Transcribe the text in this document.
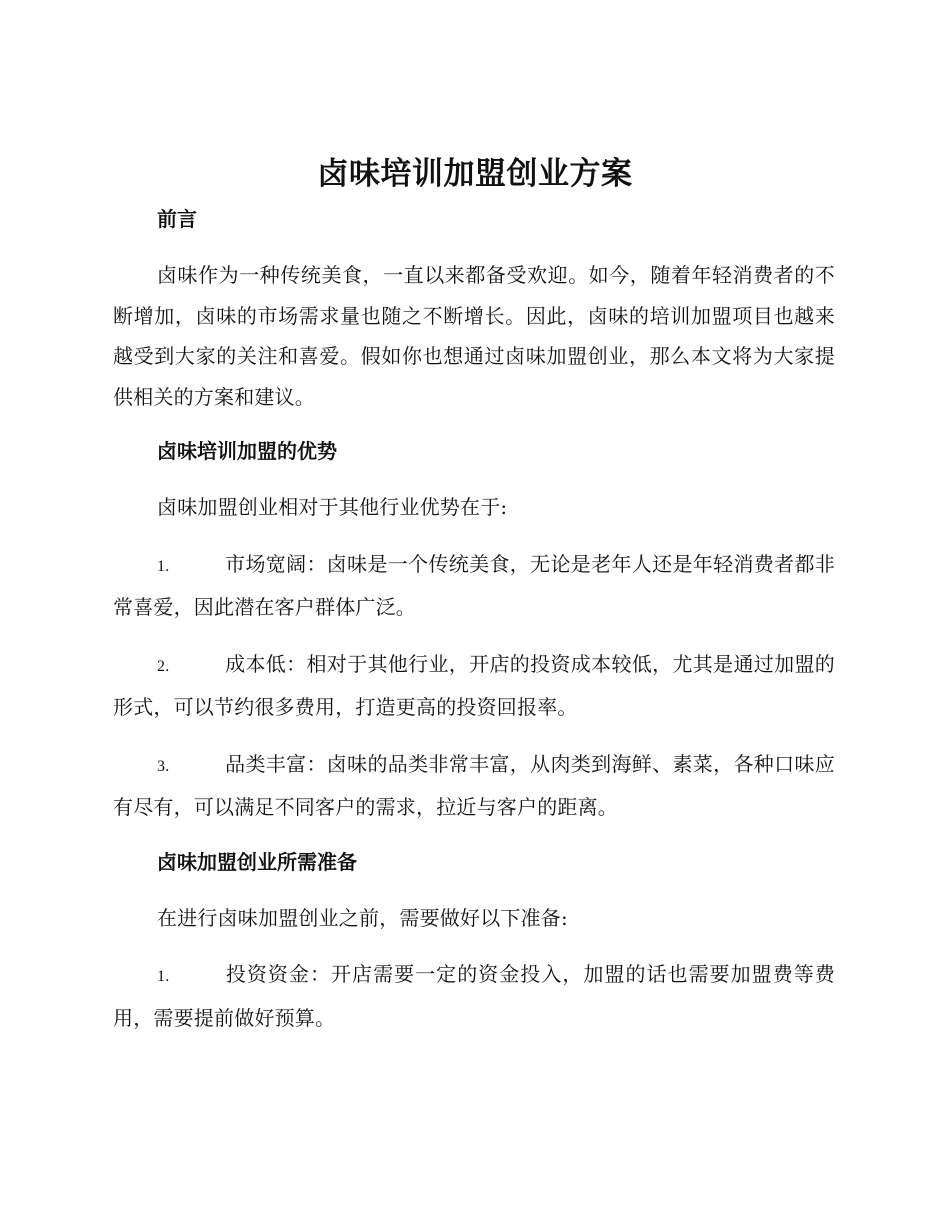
卤味培训加盟创业方案

前言

卤味作为一种传统美食，一直以来都备受欢迎。如今，随着年轻消费者的不断增加，卤味的市场需求量也随之不断增长。因此，卤味的培训加盟项目也越来越受到大家的关注和喜爱。假如你也想通过卤味加盟创业，那么本文将为大家提供相关的方案和建议。

卤味培训加盟的优势

卤味加盟创业相对于其他行业优势在于:

1.	市场宽阔：卤味是一个传统美食，无论是老年人还是年轻消费者都非常喜爱，因此潜在客户群体广泛。

2.	成本低：相对于其他行业，开店的投资成本较低，尤其是通过加盟的形式，可以节约很多费用，打造更高的投资回报率。

3.	品类丰富：卤味的品类非常丰富，从肉类到海鲜、素菜，各种口味应有尽有，可以满足不同客户的需求，拉近与客户的距离。

卤味加盟创业所需准备

在进行卤味加盟创业之前，需要做好以下准备:

1.	投资资金：开店需要一定的资金投入，加盟的话也需要加盟费等费用，需要提前做好预算。
